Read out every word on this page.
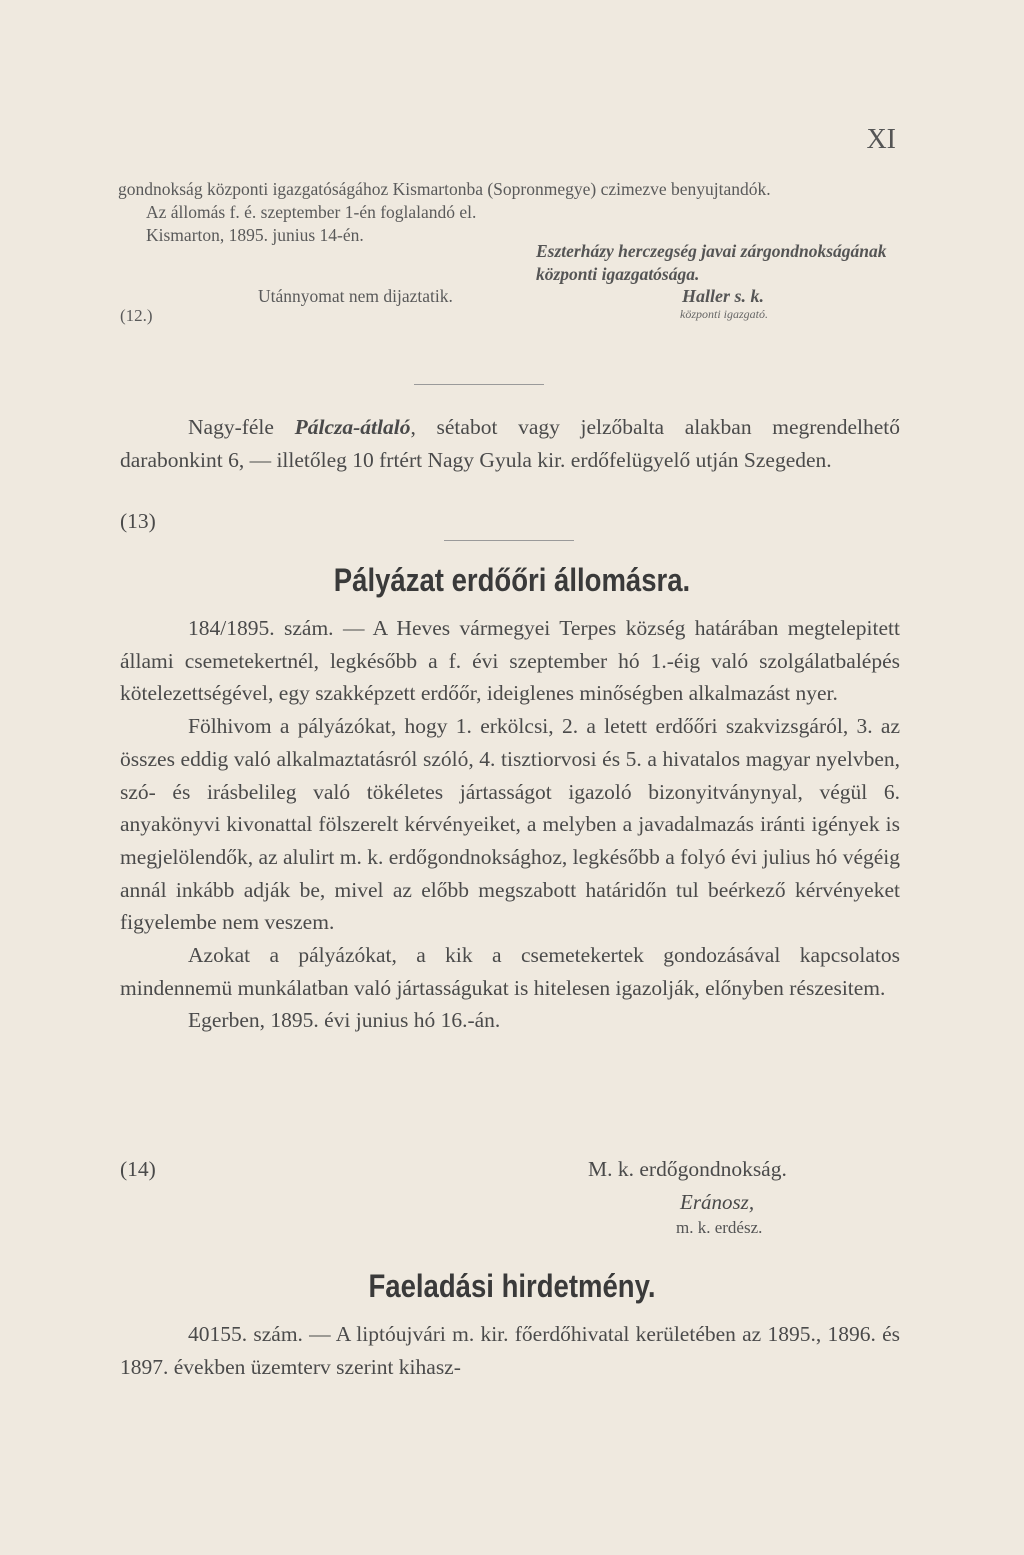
XI

gondnokság központi igazgatóságához Kismartonba (Sopronmegye) czimezve benyujtandók.

Az állomás f. é. szeptember 1-én foglalandó el.

Kismarton, 1895. junius 14-én.

Eszterházy herczegség javai zárgondnokságának központi igazgatósága.
Utánnyomat nem dijaztatik.	Haller s. k.
központi igazgató.
(12.)

Nagy-féle Pálcza-átlaló, sétabot vagy jelzőbalta alakban megrendelhető darabonkint 6, — illetőleg 10 frtért Nagy Gyula kir. erdőfelügyelő utján Szegeden.

(13)
Pályázat erdőőri állomásra.

184/1895. szám. — A Heves vármegyei Terpes község határában megtelepitett állami csemetekertnél, legkésőbb a f. évi szeptember hó 1.-éig való szolgálatbalépés kötelezettségével, egy szakképzett erdőőr, ideiglenes minőségben alkalmazást nyer.

Fölhivom a pályázókat, hogy 1. erkölcsi, 2. a letett erdőőri szakvizsgáról, 3. az összes eddig való alkalmaztatásról szóló, 4. tisztiorvosi és 5. a hivatalos magyar nyelvben, szó- és irásbelileg való tökéletes jártasságot igazoló bizonyitványnyal, végül 6. anyakönyvi kivonattal fölszerelt kérvényeiket, a melyben a javadalmazás iránti igények is megjelölendők, az alulirt m. k. erdőgondnoksághoz, legkésőbb a folyó évi julius hó végéig annál inkább adják be, mivel az előbb megszabott határidőn tul beérkező kérvényeket figyelembe nem veszem.

Azokat a pályázókat, a kik a csemetekertek gondozásával kapcsolatos mindennemü munkálatban való jártasságukat is hitelesen igazolják, előnyben részesitem.

Egerben, 1895. évi junius hó 16.-án.

(14)	M. k. erdőgondnokság.
Eránosz,
m. k. erdész.
Faeladási hirdetmény.

40155. szám. — A liptóujvári m. kir. főerdőhivatal kerületében az 1895., 1896. és 1897. években üzemterv szerint kihasz-
